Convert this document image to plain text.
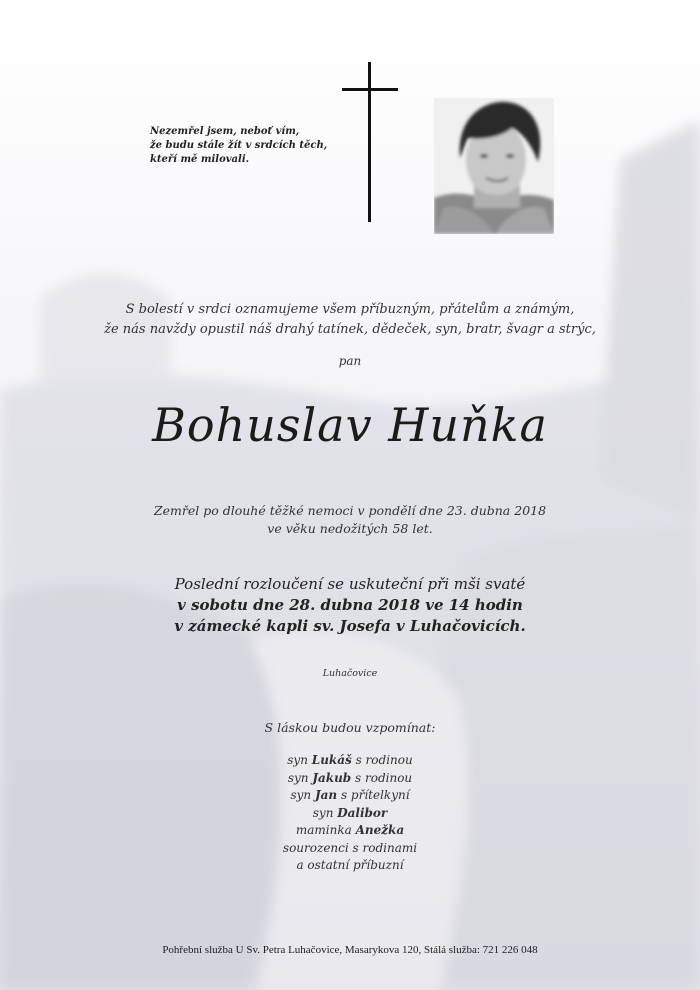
Nezemřel jsem, neboť vím,
že budu stále žít v srdcích těch,
kteří mě milovali.
S bolestí v srdci oznamujeme všem příbuzným, přátelům a známým,
že nás navždy opustil náš drahý tatínek, dědeček, syn, bratr, švagr a strýc,
pan
Bohuslav Huňka
Zemřel po dlouhé těžké nemoci v pondělí dne 23. dubna 2018
ve věku nedožitých 58 let.
Poslední rozloučení se uskuteční při mši svaté
v sobotu dne 28. dubna 2018 ve 14 hodin
v zámecké kapli sv. Josefa v Luhačovicích.
Luhačovice
S láskou budou vzpomínat:
syn Lukáš s rodinou
syn Jakub s rodinou
syn Jan s přítelkyní
syn Dalibor
maminka Anežka
sourozenci s rodinami
a ostatní příbuzní
Pohřební služba U Sv. Petra Luhačovice, Masarykova 120, Stálá služba: 721 226 048
